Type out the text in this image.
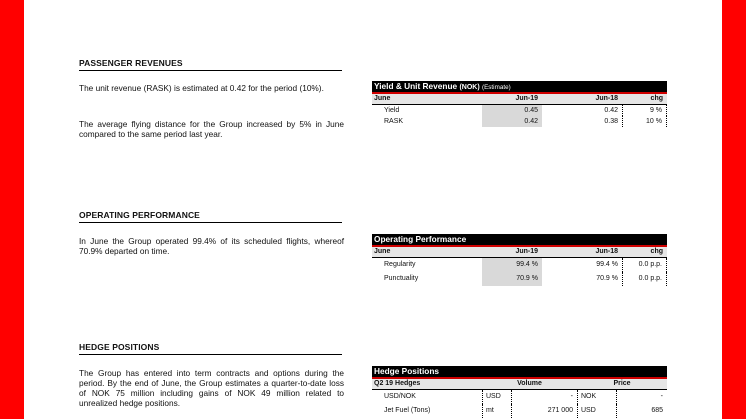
PASSENGER REVENUES
The unit revenue (RASK) is estimated at 0.42 for the period (10%).
The average flying distance for the Group increased by 5% in June compared to the same period last year.
Yield & Unit Revenue (NOK) (Estimate)
June	Jun-19	Jun-18	chg
Yield	0.45	0.42	9 %
RASK	0.42	0.38	10 %
OPERATING PERFORMANCE
In June the Group operated 99.4% of its scheduled flights, whereof 70.9% departed on time.
Operating Performance
June	Jun-19	Jun-18	chg
Regularity	99.4 %	99.4 %	0.0 p.p.
Punctuality	70.9 %	70.9 %	0.0 p.p.
HEDGE POSITIONS
The Group has entered into term contracts and options during the period. By the end of June, the Group estimates a quarter-to-date loss of NOK 75 million including gains of NOK 49 million related to unrealized hedge positions.
Hedge Positions
Q2 19 Hedges	Volume	Price
USD/NOK	USD	-	NOK	-
Jet Fuel (Tons)	mt	271 000	USD	685
